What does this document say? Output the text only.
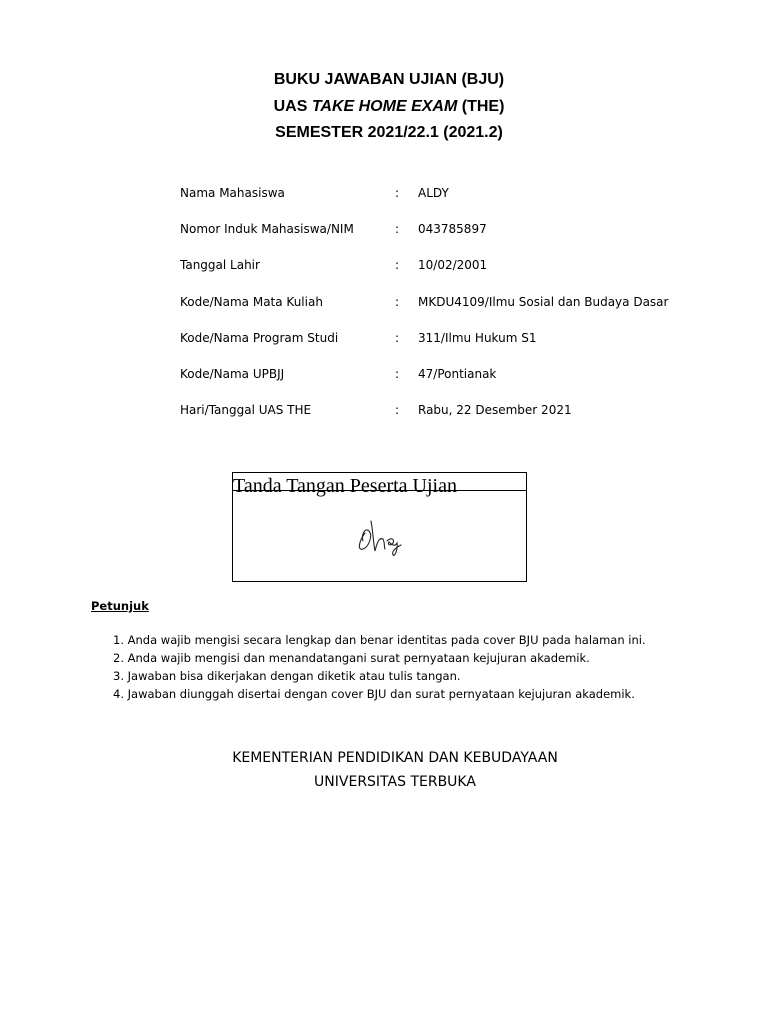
BUKU JAWABAN UJIAN (BJU)
UAS TAKE HOME EXAM (THE)
SEMESTER 2021/22.1 (2021.2)
Nama Mahasiswa	: ALDY
Nomor Induk Mahasiswa/NIM	: 043785897
Tanggal Lahir	: 10/02/2001
Kode/Nama Mata Kuliah	: MKDU4109/Ilmu Sosial dan Budaya Dasar
Kode/Nama Program Studi	: 311/Ilmu Hukum S1
Kode/Nama UPBJJ	: 47/Pontianak
Hari/Tanggal UAS THE	: Rabu, 22 Desember 2021
Tanda Tangan Peserta Ujian
Petunjuk
1. Anda wajib mengisi secara lengkap dan benar identitas pada cover BJU pada halaman ini.
2. Anda wajib mengisi dan menandatangani surat pernyataan kejujuran akademik.
3. Jawaban bisa dikerjakan dengan diketik atau tulis tangan.
4. Jawaban diunggah disertai dengan cover BJU dan surat pernyataan kejujuran akademik.
KEMENTERIAN PENDIDIKAN DAN KEBUDAYAAN
UNIVERSITAS TERBUKA
